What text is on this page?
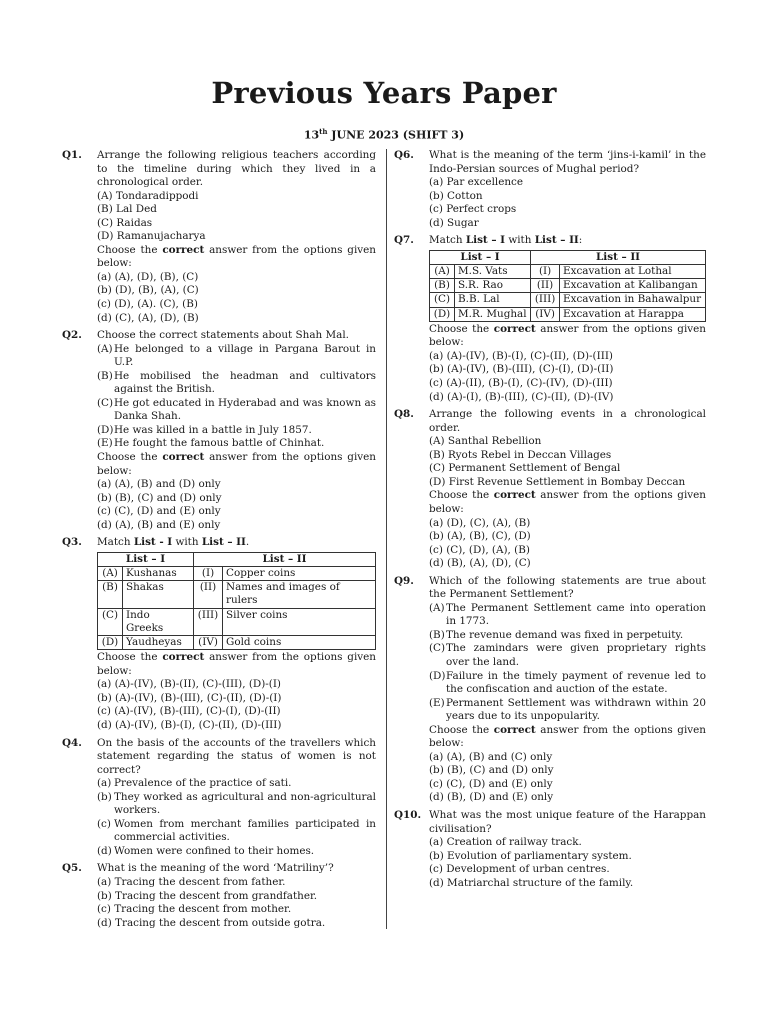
Previous Years Paper
13th JUNE 2023 (SHIFT 3)
Q1. Arrange the following religious teachers according to the timeline during which they lived in a chronological order.
(A) Tondaradippodi
(B) Lal Ded
(C) Raidas
(D) Ramanujacharya
Choose the correct answer from the options given below:
(a) (A), (D), (B), (C)
(b) (D), (B), (A), (C)
(c) (D), (A). (C), (B)
(d) (C), (A), (D), (B)
Q2. Choose the correct statements about Shah Mal.
(A) He belonged to a village in Pargana Barout in U.P.
(B) He mobilised the headman and cultivators against the British.
(C) He got educated in Hyderabad and was known as Danka Shah.
(D) He was killed in a battle in July 1857.
(E) He fought the famous battle of Chinhat.
Choose the correct answer from the options given below:
(a) (A), (B) and (D) only
(b) (B), (C) and (D) only
(c) (C), (D) and (E) only
(d) (A), (B) and (E) only
Q3. Match List - I with List – II.
List – I		List – II	
(A)	Kushanas	(I)	Copper coins
(B)	Shakas	(II)	Names and images of rulers
(C)	Indo Greeks	(III)	Silver coins
(D)	Yaudheyas	(IV)	Gold coins
Choose the correct answer from the options given below:
(a) (A)-(IV), (B)-(II), (C)-(III), (D)-(I)
(b) (A)-(IV), (B)-(III), (C)-(II), (D)-(I)
(c) (A)-(IV), (B)-(III), (C)-(I), (D)-(II)
(d) (A)-(IV), (B)-(I), (C)-(II), (D)-(III)
Q4. On the basis of the accounts of the travellers which statement regarding the status of women is not correct?
(a) Prevalence of the practice of sati.
(b) They worked as agricultural and non-agricultural workers.
(c) Women from merchant families participated in commercial activities.
(d) Women were confined to their homes.
Q5. What is the meaning of the word ‘Matriliny’?
(a) Tracing the descent from father.
(b) Tracing the descent from grandfather.
(c) Tracing the descent from mother.
(d) Tracing the descent from outside gotra.
Q6. What is the meaning of the term ‘jins-i-kamil’ in the Indo-Persian sources of Mughal period?
(a) Par excellence
(b) Cotton
(c) Perfect crops
(d) Sugar
Q7. Match List – I with List – II:
List – I		List – II	
(A)	M.S. Vats	(I)	Excavation at Lothal
(B)	S.R. Rao	(II)	Excavation at Kalibangan
(C)	B.B. Lal	(III)	Excavation in Bahawalpur
(D)	M.R. Mughal	(IV)	Excavation at Harappa
Choose the correct answer from the options given below:
(a) (A)-(IV), (B)-(I), (C)-(II), (D)-(III)
(b) (A)-(IV), (B)-(III), (C)-(I), (D)-(II)
(c) (A)-(II), (B)-(I), (C)-(IV), (D)-(III)
(d) (A)-(I), (B)-(III), (C)-(II), (D)-(IV)
Q8. Arrange the following events in a chronological order.
(A) Santhal Rebellion
(B) Ryots Rebel in Deccan Villages
(C) Permanent Settlement of Bengal
(D) First Revenue Settlement in Bombay Deccan
Choose the correct answer from the options given below:
(a) (D), (C), (A), (B)
(b) (A), (B), (C), (D)
(c) (C), (D), (A), (B)
(d) (B), (A), (D), (C)
Q9. Which of the following statements are true about the Permanent Settlement?
(A) The Permanent Settlement came into operation in 1773.
(B) The revenue demand was fixed in perpetuity.
(C) The zamindars were given proprietary rights over the land.
(D) Failure in the timely payment of revenue led to the confiscation and auction of the estate.
(E) Permanent Settlement was withdrawn within 20 years due to its unpopularity.
Choose the correct answer from the options given below:
(a) (A), (B) and (C) only
(b) (B), (C) and (D) only
(c) (C), (D) and (E) only
(d) (B), (D) and (E) only
Q10. What was the most unique feature of the Harappan civilisation?
(a) Creation of railway track.
(b) Evolution of parliamentary system.
(c) Development of urban centres.
(d) Matriarchal structure of the family.
